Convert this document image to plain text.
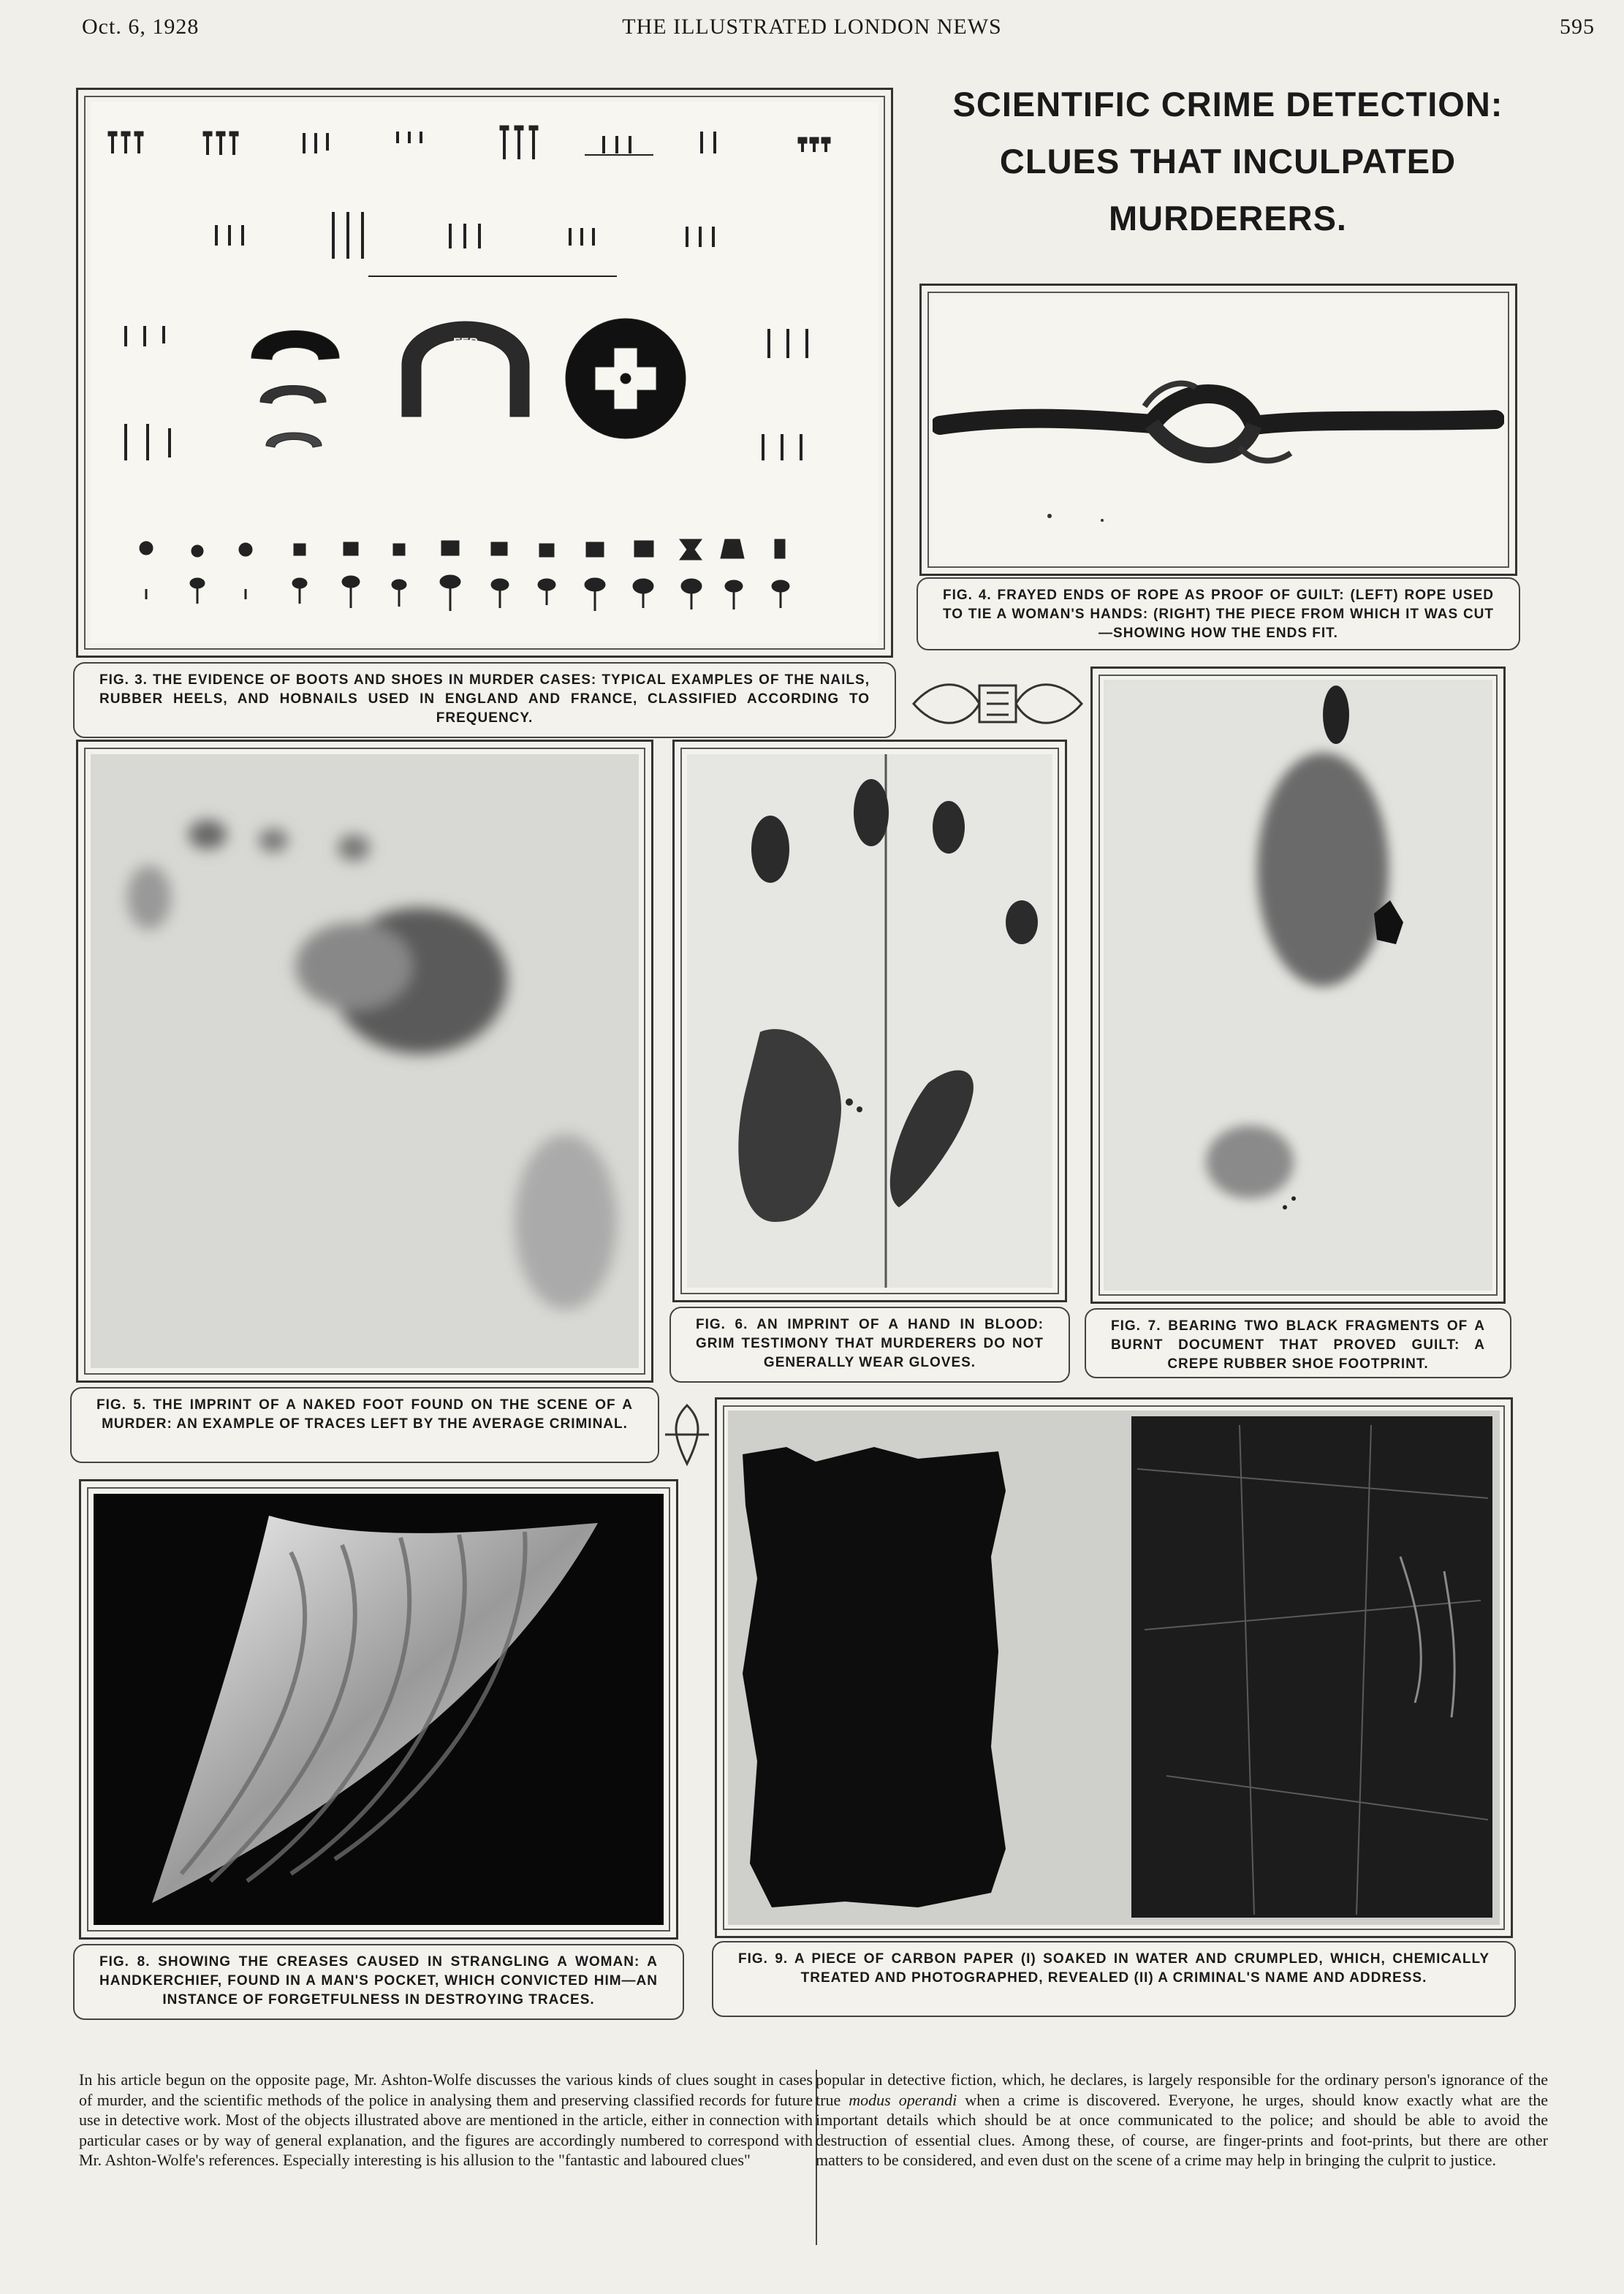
Oct. 6, 1928	THE ILLUSTRATED LONDON NEWS	595
SCIENTIFIC CRIME DETECTION:
CLUES THAT INCULPATED
MURDERERS.
FER
à
TALON
FIG. 3. THE EVIDENCE OF BOOTS AND SHOES IN MURDER CASES: TYPICAL EXAMPLES OF THE NAILS, RUBBER HEELS, AND HOBNAILS USED IN ENGLAND AND FRANCE, CLASSIFIED ACCORDING TO FREQUENCY.
FIG. 4. FRAYED ENDS OF ROPE AS PROOF OF GUILT: (LEFT) ROPE USED TO TIE A WOMAN'S HANDS: (RIGHT) THE PIECE FROM WHICH IT WAS CUT—SHOWING HOW THE ENDS FIT.
FIG. 5. THE IMPRINT OF A NAKED FOOT FOUND ON THE SCENE OF A MURDER: AN EXAMPLE OF TRACES LEFT BY THE AVERAGE CRIMINAL.
FIG. 6. AN IMPRINT OF A HAND IN BLOOD: GRIM TESTIMONY THAT MURDERERS DO NOT GENERALLY WEAR GLOVES.
FIG. 7. BEARING TWO BLACK FRAGMENTS OF A BURNT DOCUMENT THAT PROVED GUILT: A CREPE RUBBER SHOE FOOTPRINT.
FIG. 8. SHOWING THE CREASES CAUSED IN STRANGLING A WOMAN: A HANDKERCHIEF, FOUND IN A MAN'S POCKET, WHICH CONVICTED HIM—AN INSTANCE OF FORGETFULNESS IN DESTROYING TRACES.
FIG. 9. A PIECE OF CARBON PAPER (I) SOAKED IN WATER AND CRUMPLED, WHICH, CHEMICALLY TREATED AND PHOTOGRAPHED, REVEALED (II) A CRIMINAL'S NAME AND ADDRESS.
In his article begun on the opposite page, Mr. Ashton-Wolfe discusses the various kinds of clues sought in cases of murder, and the scientific methods of the police in analysing them and preserving classified records for future use in detective work. Most of the objects illustrated above are mentioned in the article, either in connection with particular cases or by way of general explanation, and the figures are accordingly numbered to correspond with Mr. Ashton-Wolfe's references. Especially interesting is his allusion to the "fantastic and laboured clues"
popular in detective fiction, which, he declares, is largely responsible for the ordinary person's ignorance of the true modus operandi when a crime is discovered. Everyone, he urges, should know exactly what are the important details which should be at once communicated to the police; and should be able to avoid the destruction of essential clues. Among these, of course, are finger-prints and foot-prints, but there are other matters to be considered, and even dust on the scene of a crime may help in bringing the culprit to justice.
